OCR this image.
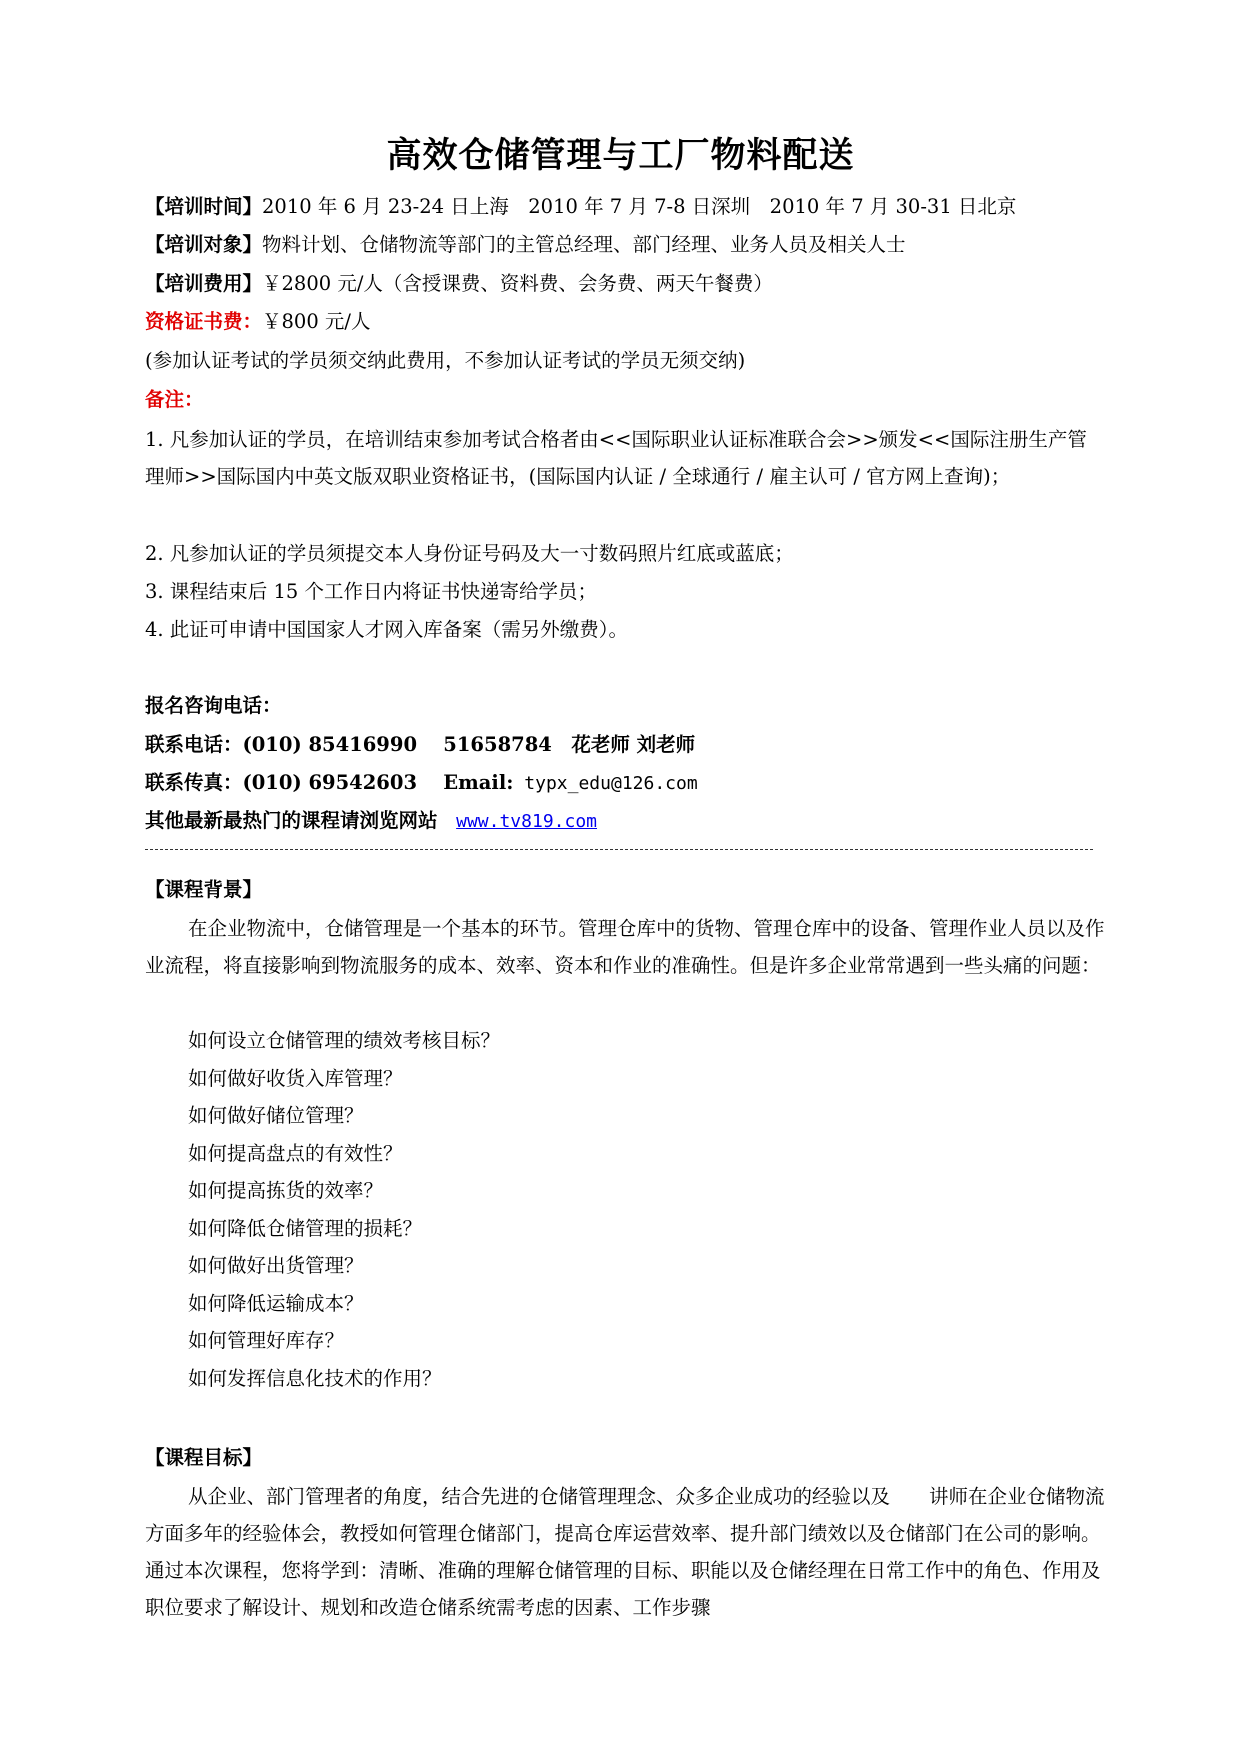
高效仓储管理与工厂物料配送
【培训时间】2010 年 6 月 23-24 日上海　2010 年 7 月 7-8 日深圳　2010 年 7 月 30-31 日北京
【培训对象】物料计划、仓储物流等部门的主管总经理、部门经理、业务人员及相关人士
【培训费用】￥2800 元/人（含授课费、资料费、会务费、两天午餐费）
资格证书费：￥800 元/人
(参加认证考试的学员须交纳此费用，不参加认证考试的学员无须交纳)
备注：
1. 凡参加认证的学员，在培训结束参加考试合格者由<<国际职业认证标准联合会>>颁发<<国际注册生产管理师>>国际国内中英文版双职业资格证书，(国际国内认证 / 全球通行 / 雇主认可 / 官方网上查询)；
2. 凡参加认证的学员须提交本人身份证号码及大一寸数码照片红底或蓝底；
3. 课程结束后 15 个工作日内将证书快递寄给学员；
4. 此证可申请中国国家人才网入库备案（需另外缴费）。
报名咨询电话：
联系电话：(010) 85416990　 51658784　花老师 刘老师
联系传真：(010) 69542603　 Email: typx_edu@126.com
其他最新最热门的课程请浏览网站 www.tv819.com
【课程背景】
在企业物流中，仓储管理是一个基本的环节。管理仓库中的货物、管理仓库中的设备、管理作业人员以及作业流程，将直接影响到物流服务的成本、效率、资本和作业的准确性。但是许多企业常常遇到一些头痛的问题：
如何设立仓储管理的绩效考核目标？
如何做好收货入库管理？
如何做好储位管理？
如何提高盘点的有效性？
如何提高拣货的效率？
如何降低仓储管理的损耗？
如何做好出货管理？
如何降低运输成本？
如何管理好库存？
如何发挥信息化技术的作用？
【课程目标】
从企业、部门管理者的角度，结合先进的仓储管理理念、众多企业成功的经验以及　　讲师在企业仓储物流方面多年的经验体会，教授如何管理仓储部门，提高仓库运营效率、提升部门绩效以及仓储部门在公司的影响。通过本次课程，您将学到：清晰、准确的理解仓储管理的目标、职能以及仓储经理在日常工作中的角色、作用及职位要求了解设计、规划和改造仓储系统需考虑的因素、工作步骤
